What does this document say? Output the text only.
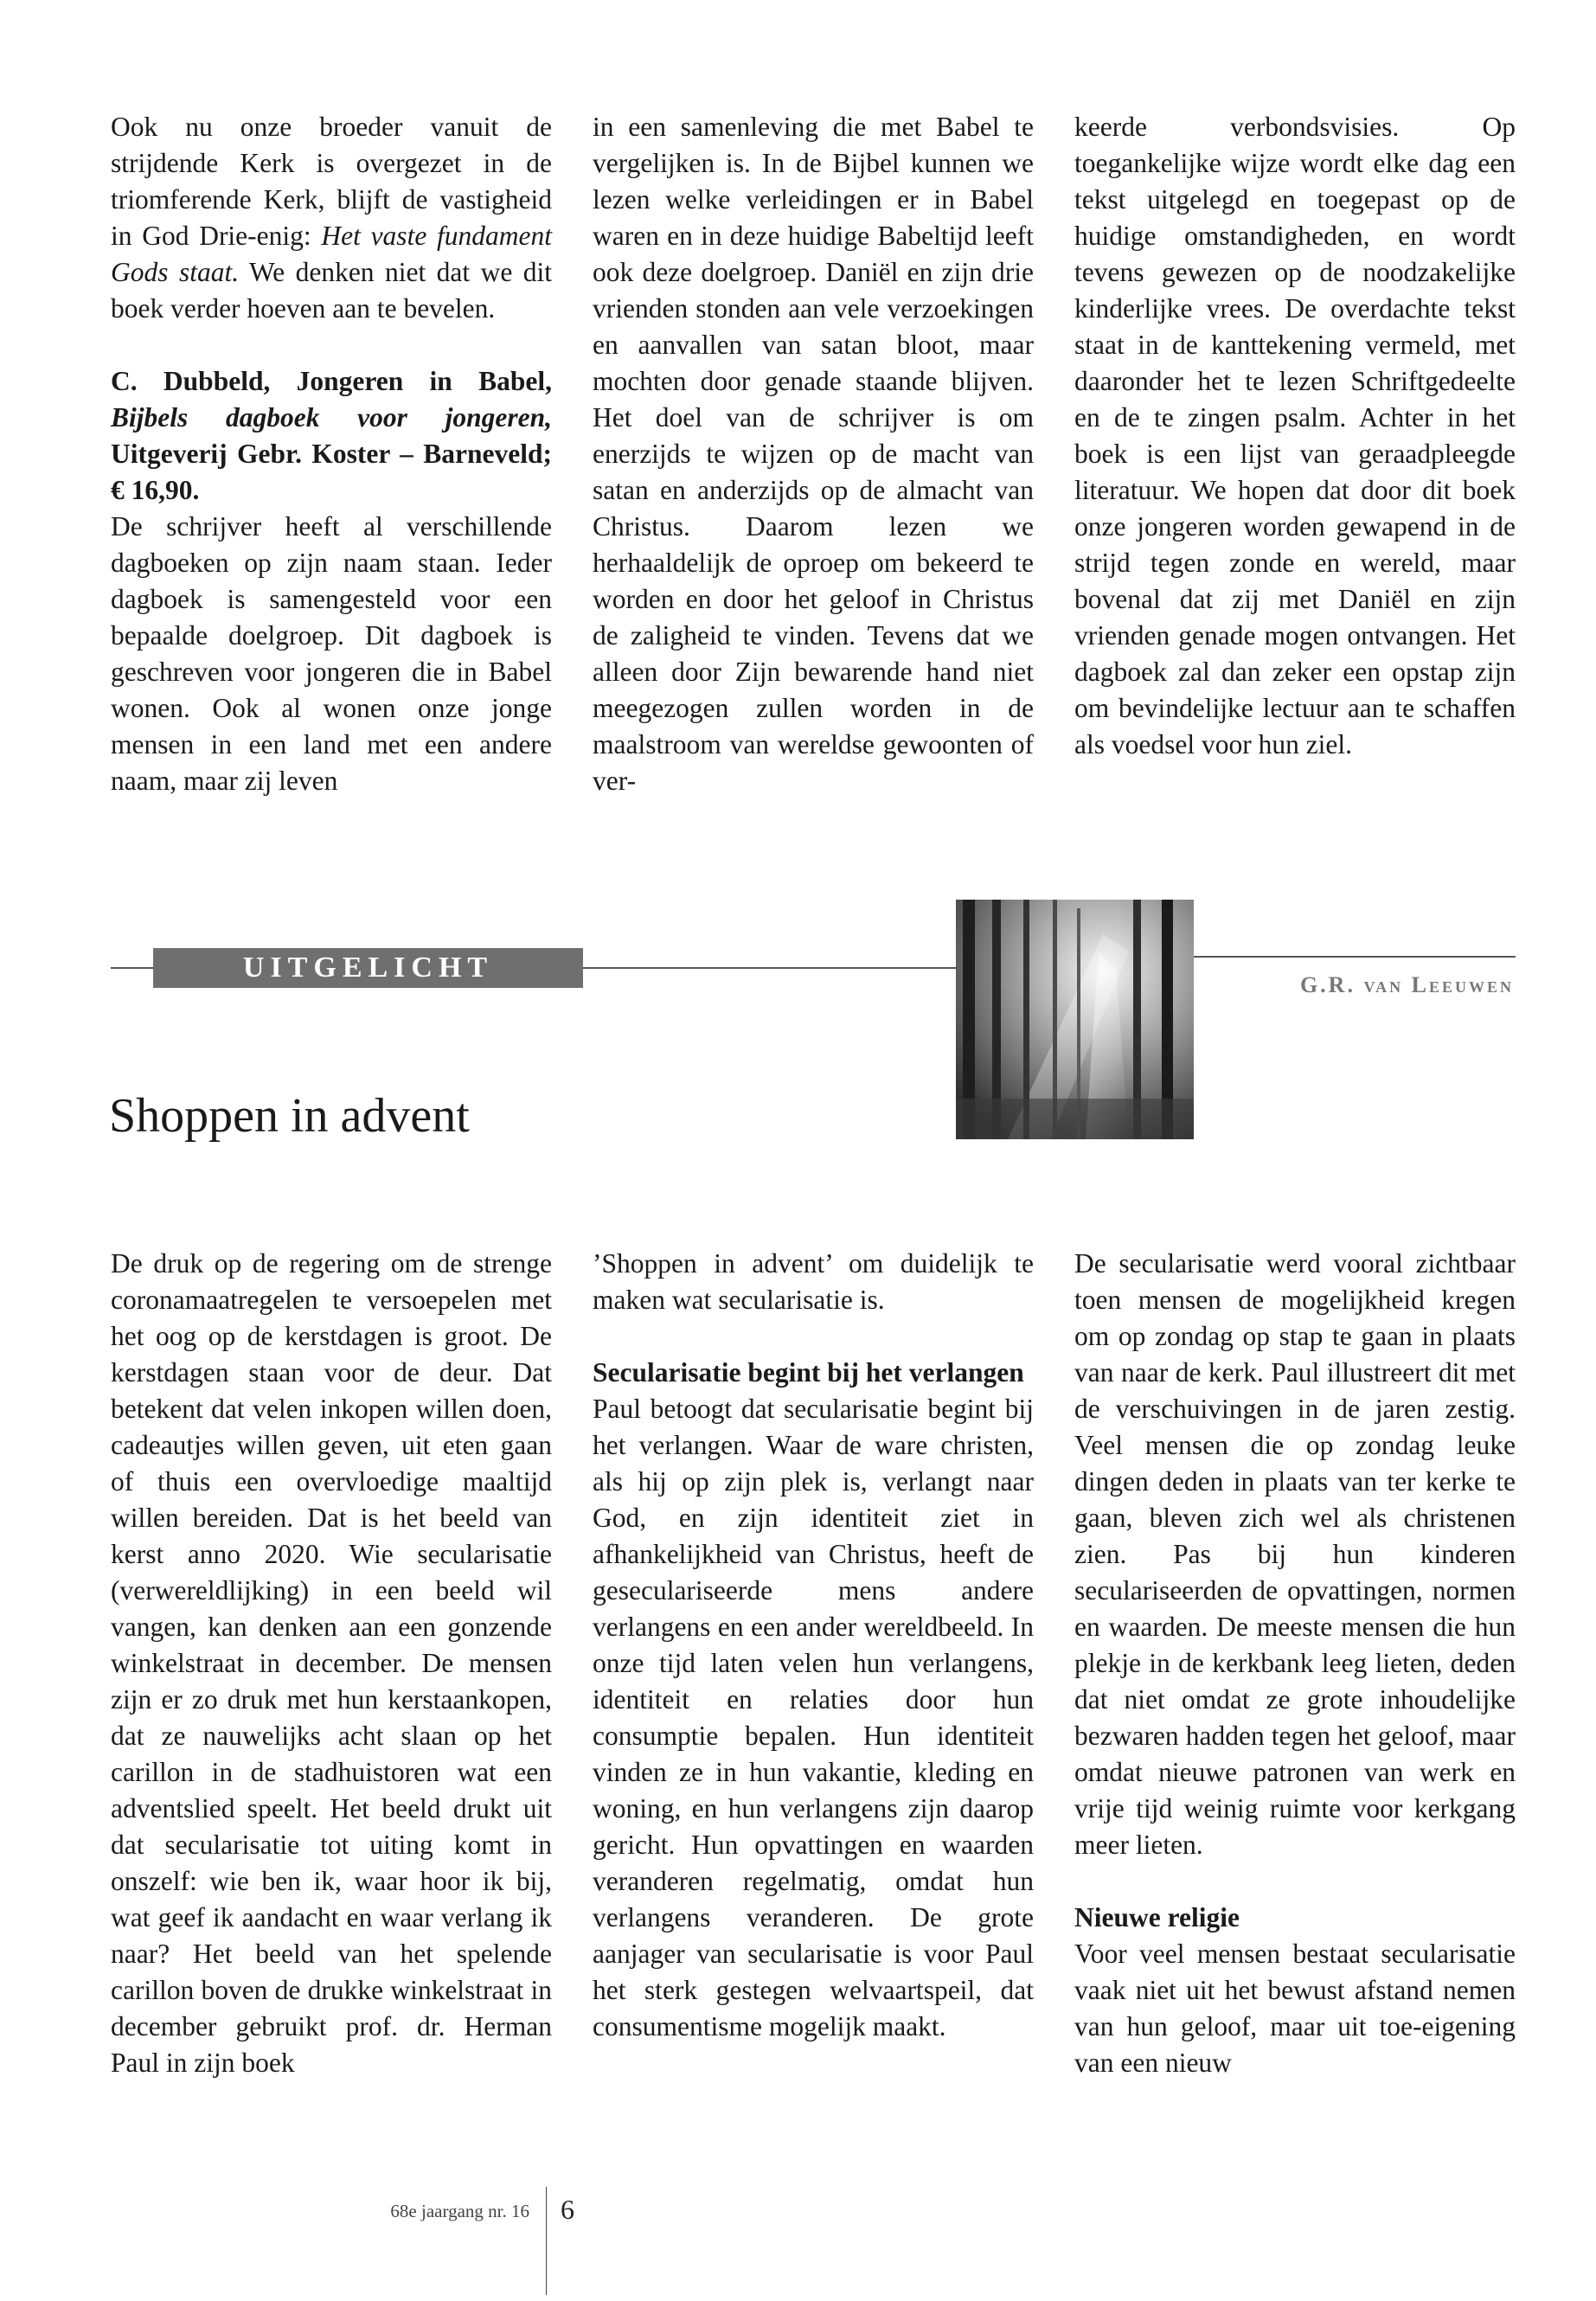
Ook nu onze broeder vanuit de strijdende Kerk is overgezet in de triomferende Kerk, blijft de vastigheid in God Drie-enig: Het vaste fundament Gods staat. We denken niet dat we dit boek verder hoeven aan te bevelen.

C. Dubbeld, Jongeren in Babel, Bijbels dagboek voor jongeren, Uitgeverij Gebr. Koster – Barneveld; € 16,90.

De schrijver heeft al verschillende dagboeken op zijn naam staan. Ieder dagboek is samengesteld voor een bepaalde doelgroep. Dit dagboek is geschreven voor jongeren die in Babel wonen. Ook al wonen onze jonge mensen in een land met een andere naam, maar zij leven

in een samenleving die met Babel te vergelijken is. In de Bijbel kunnen we lezen welke verleidingen er in Babel waren en in deze huidige Babeltijd leeft ook deze doelgroep. Daniël en zijn drie vrienden stonden aan vele verzoekingen en aanvallen van satan bloot, maar mochten door genade staande blijven. Het doel van de schrijver is om enerzijds te wijzen op de macht van satan en anderzijds op de almacht van Christus. Daarom lezen we herhaaldelijk de oproep om bekeerd te worden en door het geloof in Christus de zaligheid te vinden. Tevens dat we alleen door Zijn bewarende hand niet meegezogen zullen worden in de maalstroom van wereldse gewoonten of ver-

keerde verbondsvisies. Op toegankelijke wijze wordt elke dag een tekst uitgelegd en toegepast op de huidige omstandigheden, en wordt tevens gewezen op de noodzakelijke kinderlijke vrees. De overdachte tekst staat in de kanttekening vermeld, met daaronder het te lezen Schriftgedeelte en de te zingen psalm. Achter in het boek is een lijst van geraadpleegde literatuur. We hopen dat door dit boek onze jongeren worden gewapend in de strijd tegen zonde en wereld, maar bovenal dat zij met Daniël en zijn vrienden genade mogen ontvangen. Het dagboek zal dan zeker een opstap zijn om bevindelijke lectuur aan te schaffen als voedsel voor hun ziel.

UITGELICHT
G.R. van Leeuwen
Shoppen in advent

De druk op de regering om de strenge coronamaatregelen te versoepelen met het oog op de kerstdagen is groot. De kerstdagen staan voor de deur. Dat betekent dat velen inkopen willen doen, cadeautjes willen geven, uit eten gaan of thuis een overvloedige maaltijd willen bereiden. Dat is het beeld van kerst anno 2020. Wie secularisatie (verwereldlijking) in een beeld wil vangen, kan denken aan een gonzende winkelstraat in december. De mensen zijn er zo druk met hun kerstaankopen, dat ze nauwelijks acht slaan op het carillon in de stadhuistoren wat een adventslied speelt. Het beeld drukt uit dat secularisatie tot uiting komt in onszelf: wie ben ik, waar hoor ik bij, wat geef ik aandacht en waar verlang ik naar? Het beeld van het spelende carillon boven de drukke winkelstraat in december gebruikt prof. dr. Herman Paul in zijn boek

’Shoppen in advent’ om duidelijk te maken wat secularisatie is.

Secularisatie begint bij het verlangen

Paul betoogt dat secularisatie begint bij het verlangen. Waar de ware christen, als hij op zijn plek is, verlangt naar God, en zijn identiteit ziet in afhankelijkheid van Christus, heeft de geseculariseerde mens andere verlangens en een ander wereldbeeld. In onze tijd laten velen hun verlangens, identiteit en relaties door hun consumptie bepalen. Hun identiteit vinden ze in hun vakantie, kleding en woning, en hun verlangens zijn daarop gericht. Hun opvattingen en waarden veranderen regelmatig, omdat hun verlangens veranderen. De grote aanjager van secularisatie is voor Paul het sterk gestegen welvaartspeil, dat consumentisme mogelijk maakt.

De secularisatie werd vooral zichtbaar toen mensen de mogelijkheid kregen om op zondag op stap te gaan in plaats van naar de kerk. Paul illustreert dit met de verschuivingen in de jaren zestig. Veel mensen die op zondag leuke dingen deden in plaats van ter kerke te gaan, bleven zich wel als christenen zien. Pas bij hun kinderen seculariseerden de opvattingen, normen en waarden. De meeste mensen die hun plekje in de kerkbank leeg lieten, deden dat niet omdat ze grote inhoudelijke bezwaren hadden tegen het geloof, maar omdat nieuwe patronen van werk en vrije tijd weinig ruimte voor kerkgang meer lieten.

Nieuwe religie

Voor veel mensen bestaat secularisatie vaak niet uit het bewust afstand nemen van hun geloof, maar uit toe-eigening van een nieuw

68e jaargang nr. 16 6
